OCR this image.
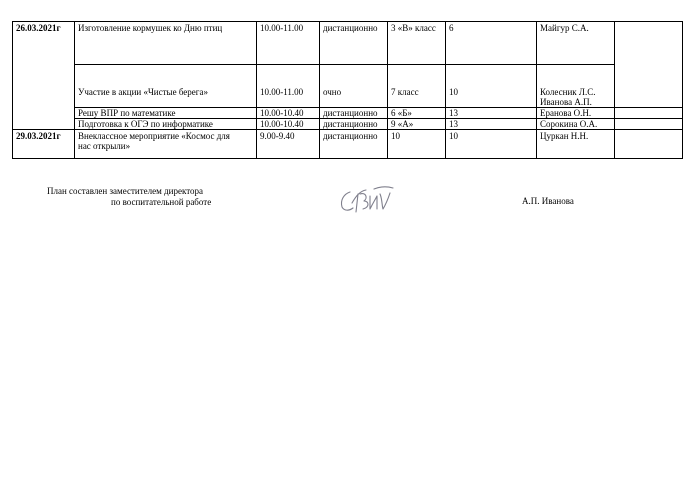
26.03.2021г	Изготовление кормушек ко Дню птиц	10.00-11.00	дистанционно	3 «В» класс	6	Майгур С.А.	
	Участие в акции «Чистые берега»	10.00-11.00	очно	7 класс	10	Колесник Л.С.
Иванова А.П.	
	Решу ВПР по математике	10.00-10.40	дистанционно	6 «Б»	13	Еранова О.Н.	
	Подготовка к ОГЭ по информатике	10.00-10.40	дистанционно	9 «А»	13	Сорокина О.А.	
29.03.2021г	Внеклассное мероприятие «Космос для
нас открыли»	9.00-9.40	дистанционно	10	10	Цуркан Н.Н.	
План составлен заместителем директора
по воспитательной работе	А.П. Иванова
